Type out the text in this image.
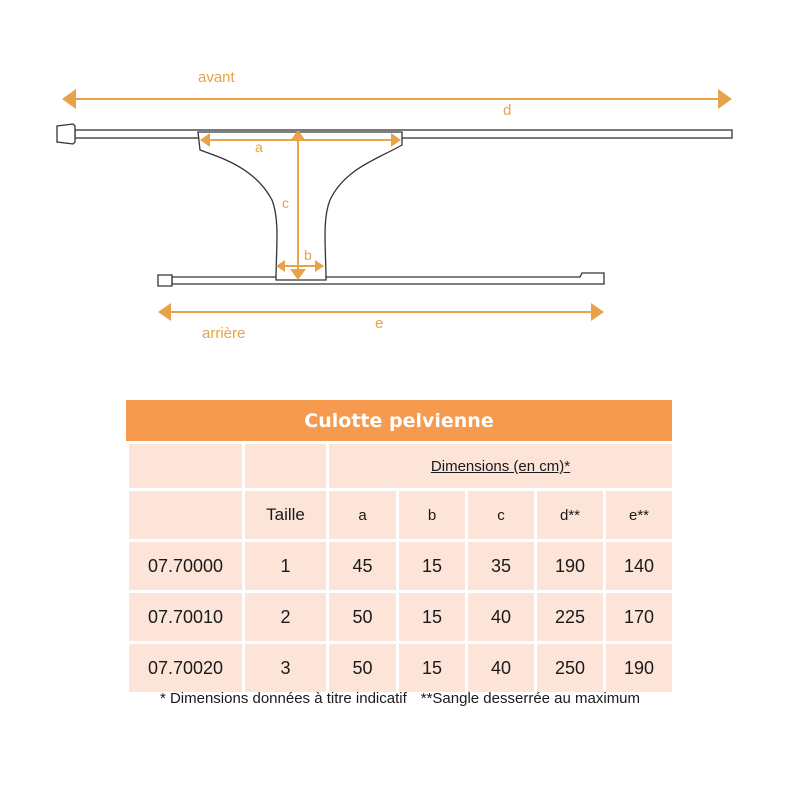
avant
d
a
c
b
arrière
e
Culotte pelvienne
		Dimensions (en cm)*				
	Taille	a	b	c	d**	e**
07.70000	1	45	15	35	190	140
07.70010	2	50	15	40	225	170
07.70020	3	50	15	40	250	190
* Dimensions données à titre indicatif **Sangle desserrée au maximum
